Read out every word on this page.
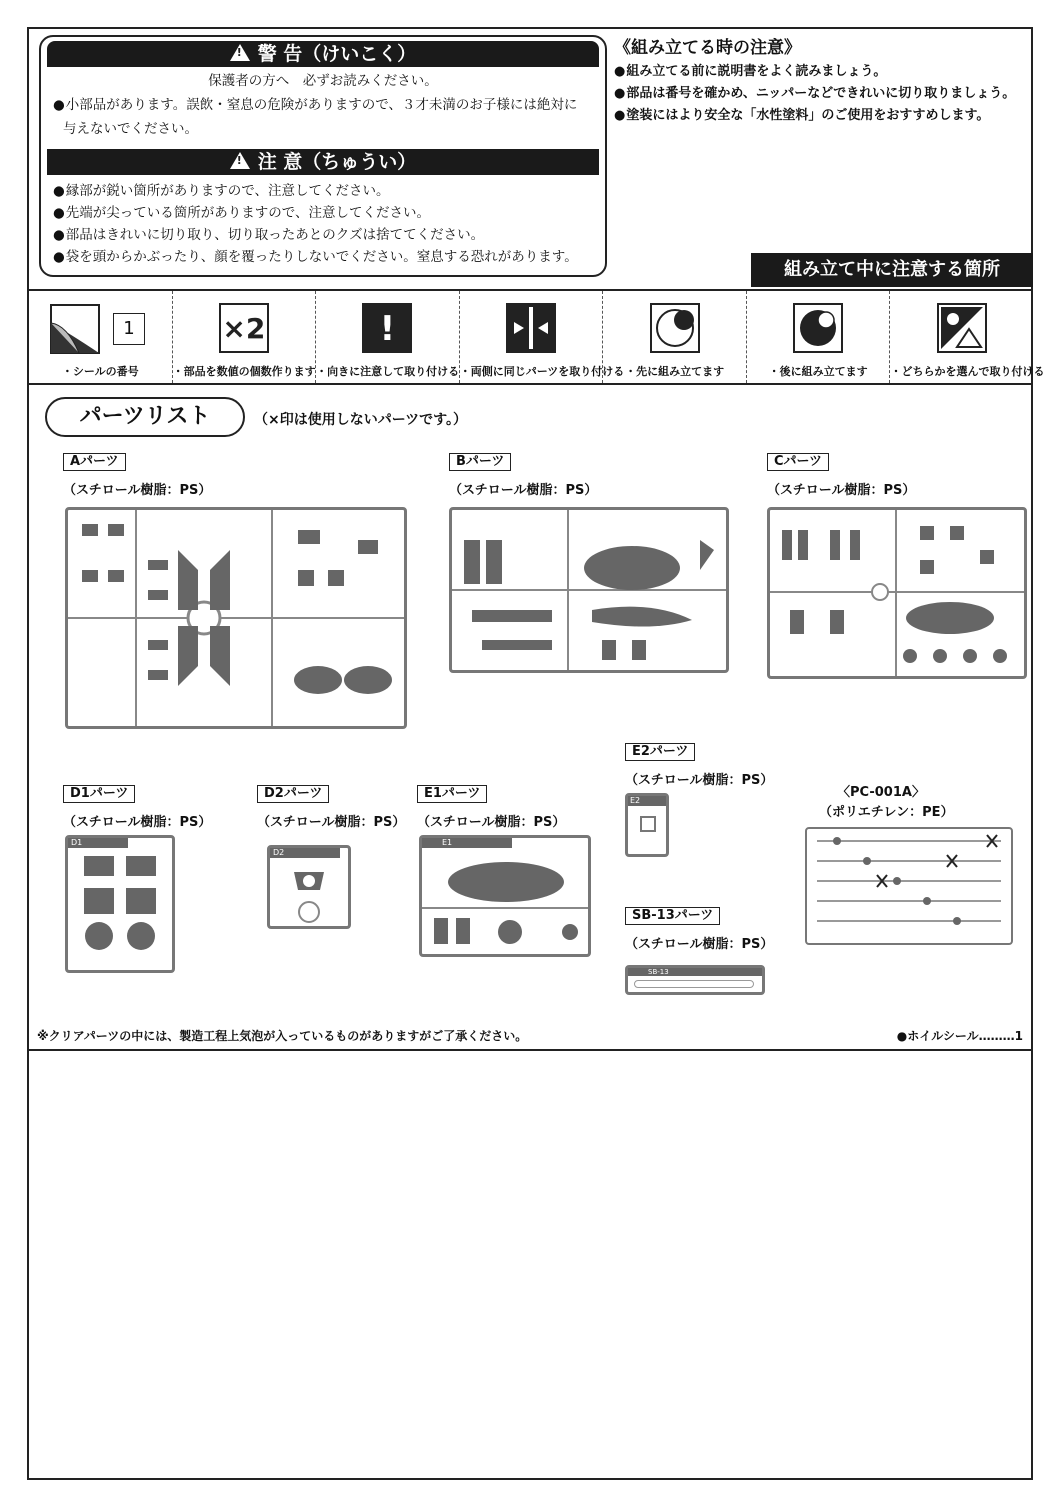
!警 告（けいこく）
保護者の方へ　必ずお読みください。
● 小部品があります。誤飲・窒息の危険がありますので、３才未満のお子様には絶対に
与えないでください。
!注 意（ちゅうい）
● 縁部が鋭い箇所がありますので、注意してください。
● 先端が尖っている箇所がありますので、注意してください。
● 部品はきれいに切り取り、切り取ったあとのクズは捨ててください。
● 袋を頭からかぶったり、顔を覆ったりしないでください。窒息する恐れがあります。
《組み立てる時の注意》
● 組み立てる前に説明書をよく読みましょう。
● 部品は番号を確かめ、ニッパーなどできれいに切り取りましょう。
● 塗装にはより安全な「水性塗料」のご使用をおすすめします。
組み立て中に注意する箇所
1
・シールの番号
×2
・部品を数値の個数作ります
!
・向きに注意して取り付ける ・両側に同じパーツを取り付ける ・先に組み立てます	・後に組み立てます	・どちらかを選んで取り付ける
パーツリスト	（×印は使用しないパーツです。）
Aパーツ
（スチロール樹脂：PS）
Bパーツ
（スチロール樹脂：PS）
Cパーツ
（スチロール樹脂：PS）
E2パーツ
（スチロール樹脂：PS）
E2
SB-13パーツ
（スチロール樹脂：PS）
SB-13
D1パーツ
（スチロール樹脂：PS）
D1
D2パーツ
（スチロール樹脂：PS）
D2
E1パーツ
（スチロール樹脂：PS）
E1
〈PC-001A〉
（ポリエチレン：PE）
※クリアパーツの中には、製造工程上気泡が入っているものがありますがご了承ください。	●ホイルシール………1
